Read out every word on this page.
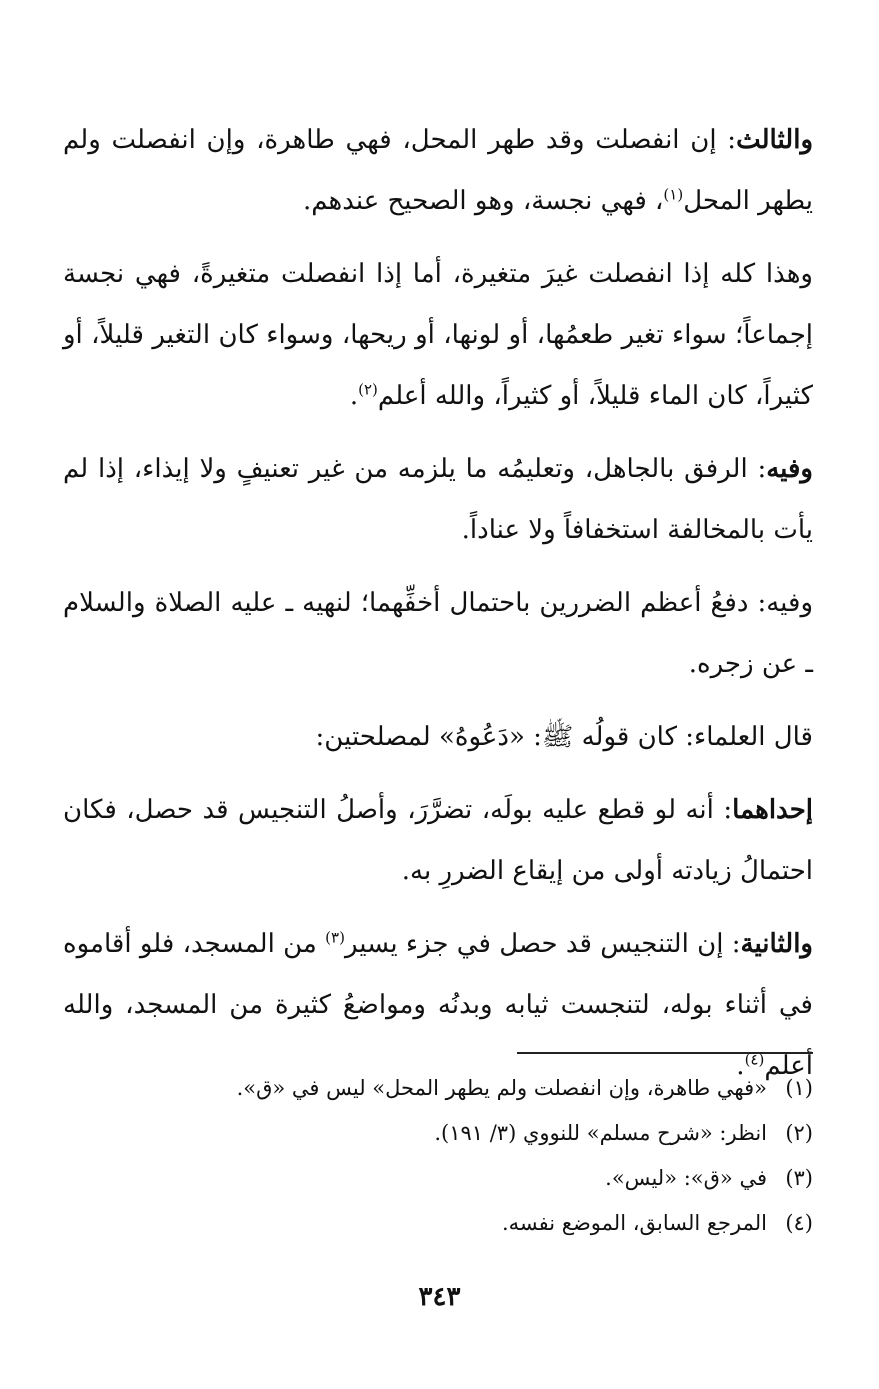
والثالث: إن انفصلت وقد طهر المحل، فهي طاهرة، وإن انفصلت ولم يطهر المحل$^{(١)}$، فهي نجسة، وهو الصحيح عندهم.

وهذا كله إذا انفصلت غيرَ متغيرة، أما إذا انفصلت متغيرةً، فهي نجسة إجماعاً؛ سواء تغير طعمُها، أو لونها، أو ريحها، وسواء كان التغير قليلاً، أو كثيراً، كان الماء قليلاً، أو كثيراً، والله أعلم$^{(٢)}$.

وفيه: الرفق بالجاهل، وتعليمُه ما يلزمه من غير تعنيفٍ ولا إيذاء، إذا لم يأت بالمخالفة استخفافاً ولا عناداً.

وفيه: دفعُ أعظم الضررين باحتمال أخفِّهما؛ لنهيه ـ عليه الصلاة والسلام ـ عن زجره.

قال العلماء: كان قولُه ﷺ: «دَعُوهُ» لمصلحتين:

إحداهما: أنه لو قطع عليه بولَه، تضرَّرَ، وأصلُ التنجيس قد حصل، فكان احتمالُ زيادته أولى من إيقاع الضررِ به.

والثانية: إن التنجيس قد حصل في جزء يسير$^{(٣)}$ من المسجد، فلو أقاموه في أثناء بوله، لتنجست ثيابه وبدنُه ومواضعُ كثيرة من المسجد، والله أعلم$^{(٤)}$.

(١)
«فهي طاهرة، وإن انفصلت ولم يطهر المحل» ليس في «ق».
(٢)
انظر: «شرح مسلم» للنووي (٣/ ١٩١).
(٣)
في «ق»: «ليس».
(٤)
المرجع السابق، الموضع نفسه.
٣٤٣
